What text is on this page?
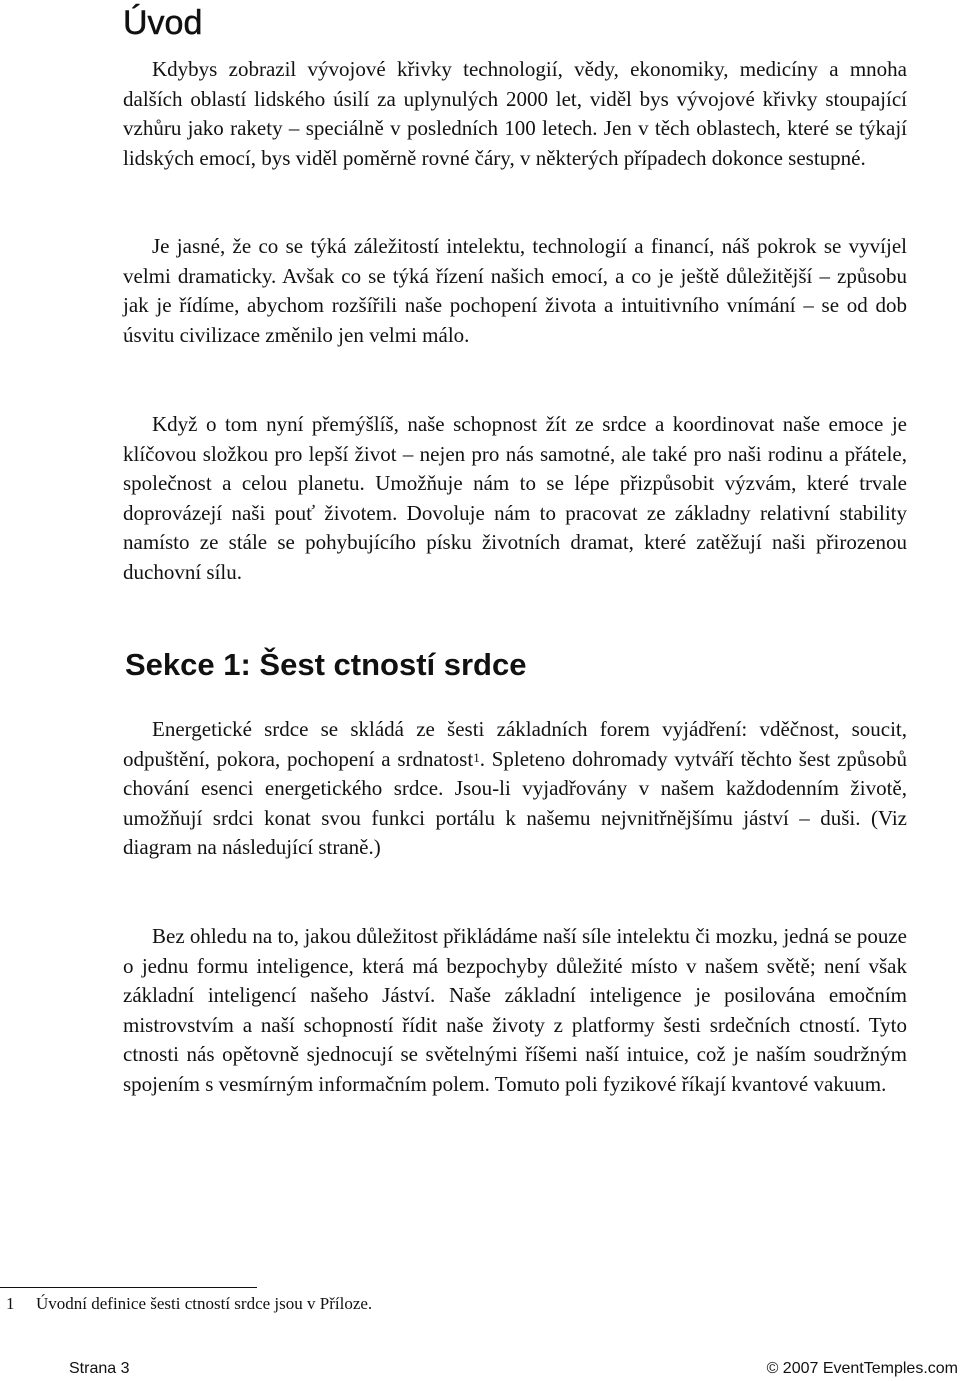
Úvod

Kdybys zobrazil vývojové křivky technologií, vědy, ekonomiky, medicíny a mnoha dalších oblastí lidského úsilí za uplynulých 2000 let, viděl bys vývojové křivky stoupající vzhůru jako rakety – speciálně v posledních 100 letech. Jen v těch oblastech, které se týkají lidských emocí, bys viděl poměrně rovné čáry, v některých případech dokonce sestupné.

Je jasné, že co se týká záležitostí intelektu, technologií a financí, náš pokrok se vyvíjel velmi dramaticky. Avšak co se týká řízení našich emocí, a co je ještě důležitější – způsobu jak je řídíme, abychom rozšířili naše pochopení života a intuitivního vnímání – se od dob úsvitu civilizace změnilo jen velmi málo.

Když o tom nyní přemýšlíš, naše schopnost žít ze srdce a koordinovat naše emoce je klíčovou složkou pro lepší život – nejen pro nás samotné, ale také pro naši rodinu a přátele, společnost a celou planetu. Umožňuje nám to se lépe přizpůsobit výzvám, které trvale doprovázejí naši pouť životem. Dovoluje nám to pracovat ze základny relativní stability namísto ze stále se pohybujícího písku životních dramat, které zatěžují naši přirozenou duchovní sílu.

Sekce 1: Šest ctností srdce

Energetické srdce se skládá ze šesti základních forem vyjádření: vděčnost, soucit, odpuštění, pokora, pochopení a srdnatost$^1$. Spleteno dohromady vytváří těchto šest způsobů chování esenci energetického srdce. Jsou-li vyjadřovány v našem každodenním životě, umožňují srdci konat svou funkci portálu k našemu nejvnitřnějšímu jáství – duši. (Viz diagram na následující straně.)

Bez ohledu na to, jakou důležitost přikládáme naší síle intelektu či mozku, jedná se pouze o jednu formu inteligence, která má bezpochyby důležité místo v našem světě; není však základní inteligencí našeho Jáství. Naše základní inteligence je posilována emočním mistrovstvím a naší schopností řídit naše životy z platformy šesti srdečních ctností. Tyto ctnosti nás opětovně sjednocují se světelnými říšemi naší intuice, což je naším soudržným spojením s vesmírným informačním polem. Tomuto poli fyzikové říkají kvantové vakuum.

1 Úvodní definice šesti ctností srdce jsou v Příloze.

Strana 3	© 2007 EventTemples.com
